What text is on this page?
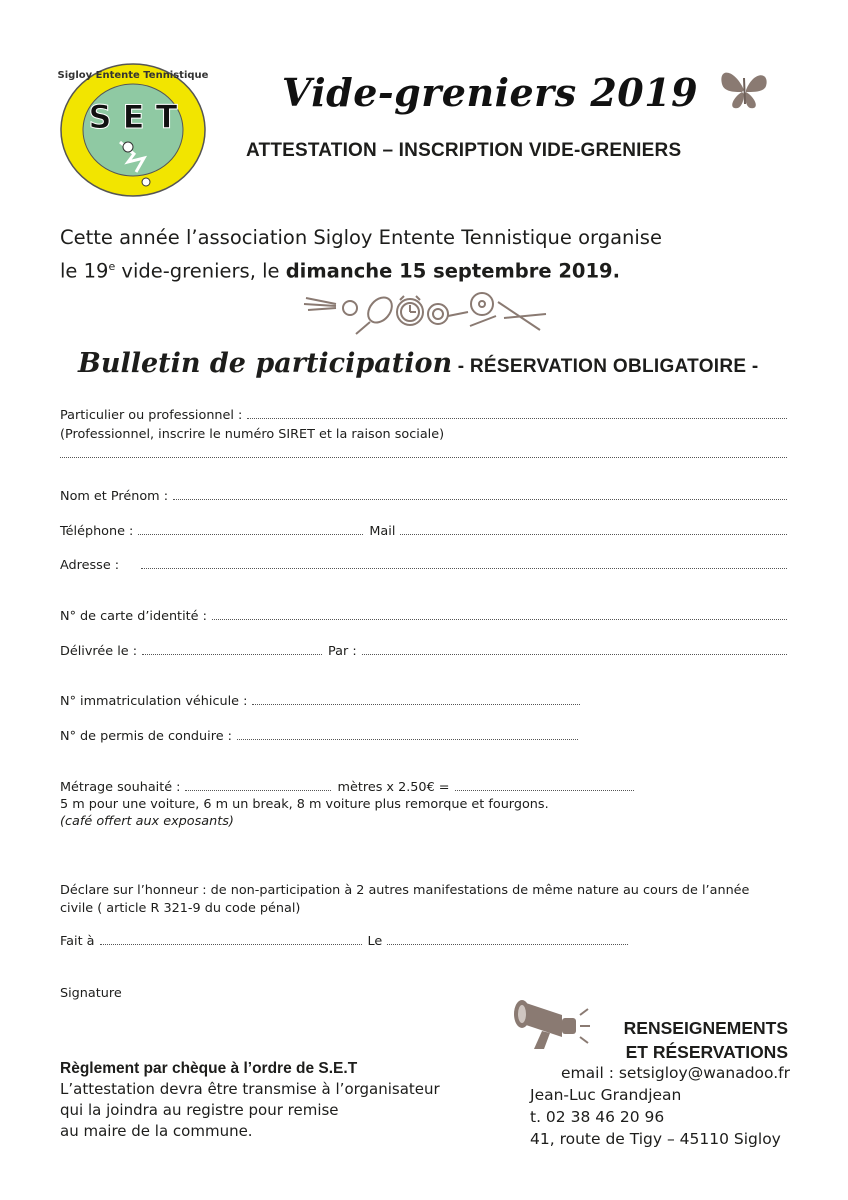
Sigloy Entente Tennistique
S E T
Vide-greniers 2019
ATTESTATION – INSCRIPTION VIDE-GRENIERS
Cette année l’association Sigloy Entente Tennistique organise
le 19e vide-greniers, le dimanche 15 septembre 2019.
Bulletin de participation - RÉSERVATION OBLIGATOIRE -
Particulier ou professionnel :
(Professionnel, inscrire le numéro SIRET et la raison sociale)
Nom et Prénom :
Téléphone :	Mail
Adresse :
N° de carte d’identité :
Délivrée le :	Par :
N° immatriculation véhicule :
N° de permis de conduire :
Métrage souhaité :	mètres x 2.50€ =
5 m pour une voiture, 6 m un break, 8 m voiture plus remorque et fourgons.
(café offert aux exposants)
Déclare sur l’honneur : de non-participation à 2 autres manifestations de même nature au cours de l’année
civile ( article R 321-9 du code pénal)
Fait à	Le
Signature
RENSEIGNEMENTS
ET RÉSERVATIONS
email : setsigloy@wanadoo.fr
Jean-Luc Grandjean
t. 02 38 46 20 96
41, route de Tigy – 45110 Sigloy
Règlement par chèque à l’ordre de S.E.T
L’attestation devra être transmise à l’organisateur
qui la joindra au registre pour remise
au maire de la commune.
